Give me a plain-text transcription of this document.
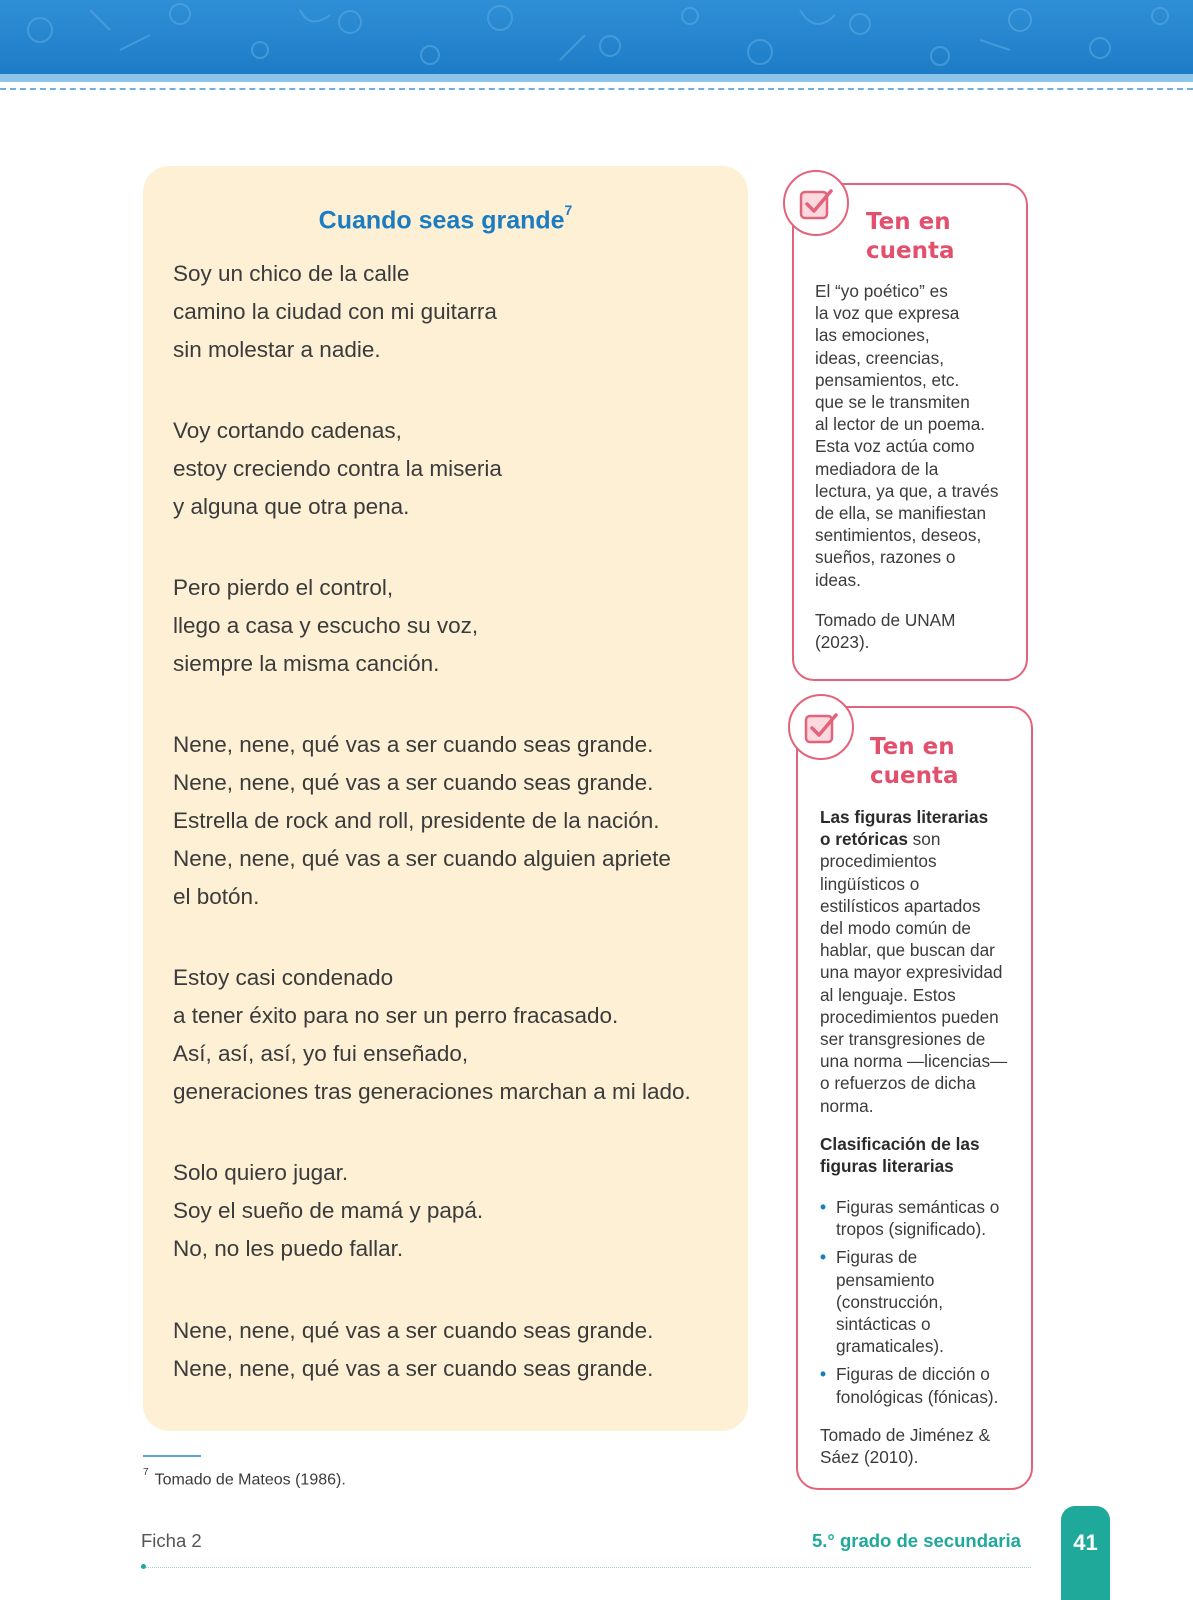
Cuando seas grande$^7$
Soy un chico de la calle
camino la ciudad con mi guitarra
sin molestar a nadie.
Voy cortando cadenas,
estoy creciendo contra la miseria
y alguna que otra pena.
Pero pierdo el control,
llego a casa y escucho su voz,
siempre la misma canción.
Nene, nene, qué vas a ser cuando seas grande.
Nene, nene, qué vas a ser cuando seas grande.
Estrella de rock and roll, presidente de la nación.
Nene, nene, qué vas a ser cuando alguien apriete
el botón.
Estoy casi condenado
a tener éxito para no ser un perro fracasado.
Así, así, así, yo fui enseñado,
generaciones tras generaciones marchan a mi lado.
Solo quiero jugar.
Soy el sueño de mamá y papá.
No, no les puedo fallar.
Nene, nene, qué vas a ser cuando seas grande.
Nene, nene, qué vas a ser cuando seas grande.
$^7$ Tomado de Mateos (1986).
Ten en
cuenta
El “yo poético” es
la voz que expresa
las emociones,
ideas, creencias,
pensamientos, etc.
que se le transmiten
al lector de un poema.
Esta voz actúa como
mediadora de la
lectura, ya que, a través
de ella, se manifiestan
sentimientos, deseos,
sueños, razones o
ideas.
Tomado de UNAM
(2023).
Ten en
cuenta
Las figuras literarias
o retóricas son
procedimientos
lingüísticos o
estilísticos apartados
del modo común de
hablar, que buscan dar
una mayor expresividad
al lenguaje. Estos
procedimientos pueden
ser transgresiones de
una norma —licencias—
o refuerzos de dicha
norma.
Clasificación de las
figuras literarias
• Figuras semánticas o
tropos (significado).
• Figuras de
pensamiento
(construcción,
sintácticas o
gramaticales).
• Figuras de dicción o
fonológicas (fónicas).
Tomado de Jiménez &
Sáez (2010).
Ficha 2	5.° grado de secundaria	41
